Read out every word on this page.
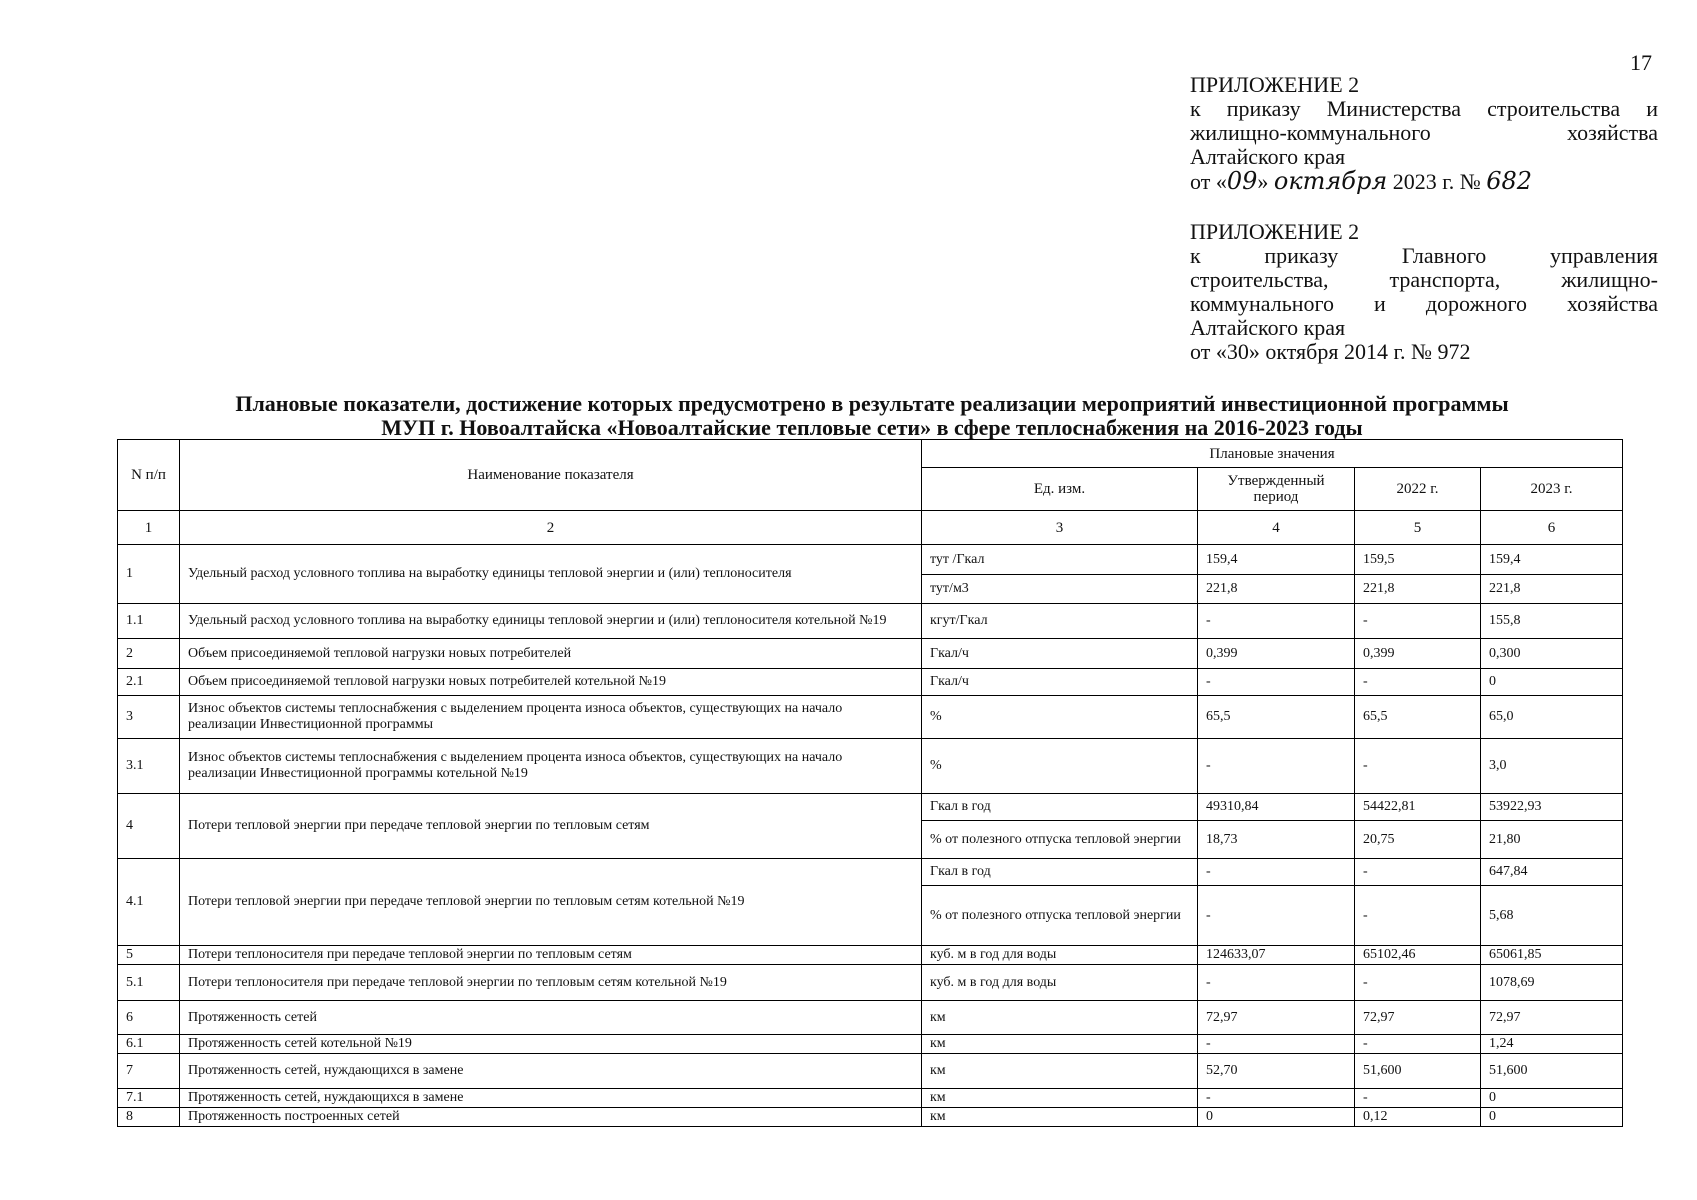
17
ПРИЛОЖЕНИЕ 2
к приказу Министерства строительства и
жилищно-коммунального хозяйства
Алтайского края
от «09» октября 2023 г. № 682
ПРИЛОЖЕНИЕ 2
к приказу Главного управления
строительства, транспорта, жилищно-
коммунального и дорожного хозяйства
Алтайского края
от «30» октября 2014 г. № 972
Плановые показатели, достижение которых предусмотрено в результате реализации мероприятий инвестиционной программы
МУП г. Новоалтайска «Новоалтайские тепловые сети» в сфере теплоснабжения на 2016-2023 годы
N п/п	Наименование показателя	Плановые значения			
		Ед. изм.	Утвержденный период	2022 г.	2023 г.
1	2	3	4	5	6
1	Удельный расход условного топлива на выработку единицы тепловой энергии и (или) теплоносителя	тут /Гкал	159,4	159,5	159,4
		тут/м3	221,8	221,8	221,8
1.1	Удельный расход условного топлива на выработку единицы тепловой энергии и (или) теплоносителя котельной №19	кгут/Гкал	-	-	155,8
2	Объем присоединяемой тепловой нагрузки новых потребителей	Гкал/ч	0,399	0,399	0,300
2.1	Объем присоединяемой тепловой нагрузки новых потребителей котельной №19	Гкал/ч	-	-	0
3	Износ объектов системы теплоснабжения с выделением процента износа объектов, существующих на начало реализации Инвестиционной программы	%	65,5	65,5	65,0
3.1	Износ объектов системы теплоснабжения с выделением процента износа объектов, существующих на начало реализации Инвестиционной программы котельной №19	%	-	-	3,0
4	Потери тепловой энергии при передаче тепловой энергии по тепловым сетям	Гкал в год	49310,84	54422,81	53922,93
		% от полезного отпуска тепловой энергии	18,73	20,75	21,80
4.1	Потери тепловой энергии при передаче тепловой энергии по тепловым сетям котельной №19	Гкал в год	-	-	647,84
		% от полезного отпуска тепловой энергии	-	-	5,68
5	Потери теплоносителя при передаче тепловой энергии по тепловым сетям	куб. м в год для воды	124633,07	65102,46	65061,85
5.1	Потери теплоносителя при передаче тепловой энергии по тепловым сетям котельной №19	куб. м в год для воды	-	-	1078,69
6	Протяженность сетей	км	72,97	72,97	72,97
6.1	Протяженность сетей котельной №19	км	-	-	1,24
7	Протяженность сетей, нуждающихся в замене	км	52,70	51,600	51,600
7.1	Протяженность сетей, нуждающихся в замене	км	-	-	0
8	Протяженность построенных сетей	км	0	0,12	0
